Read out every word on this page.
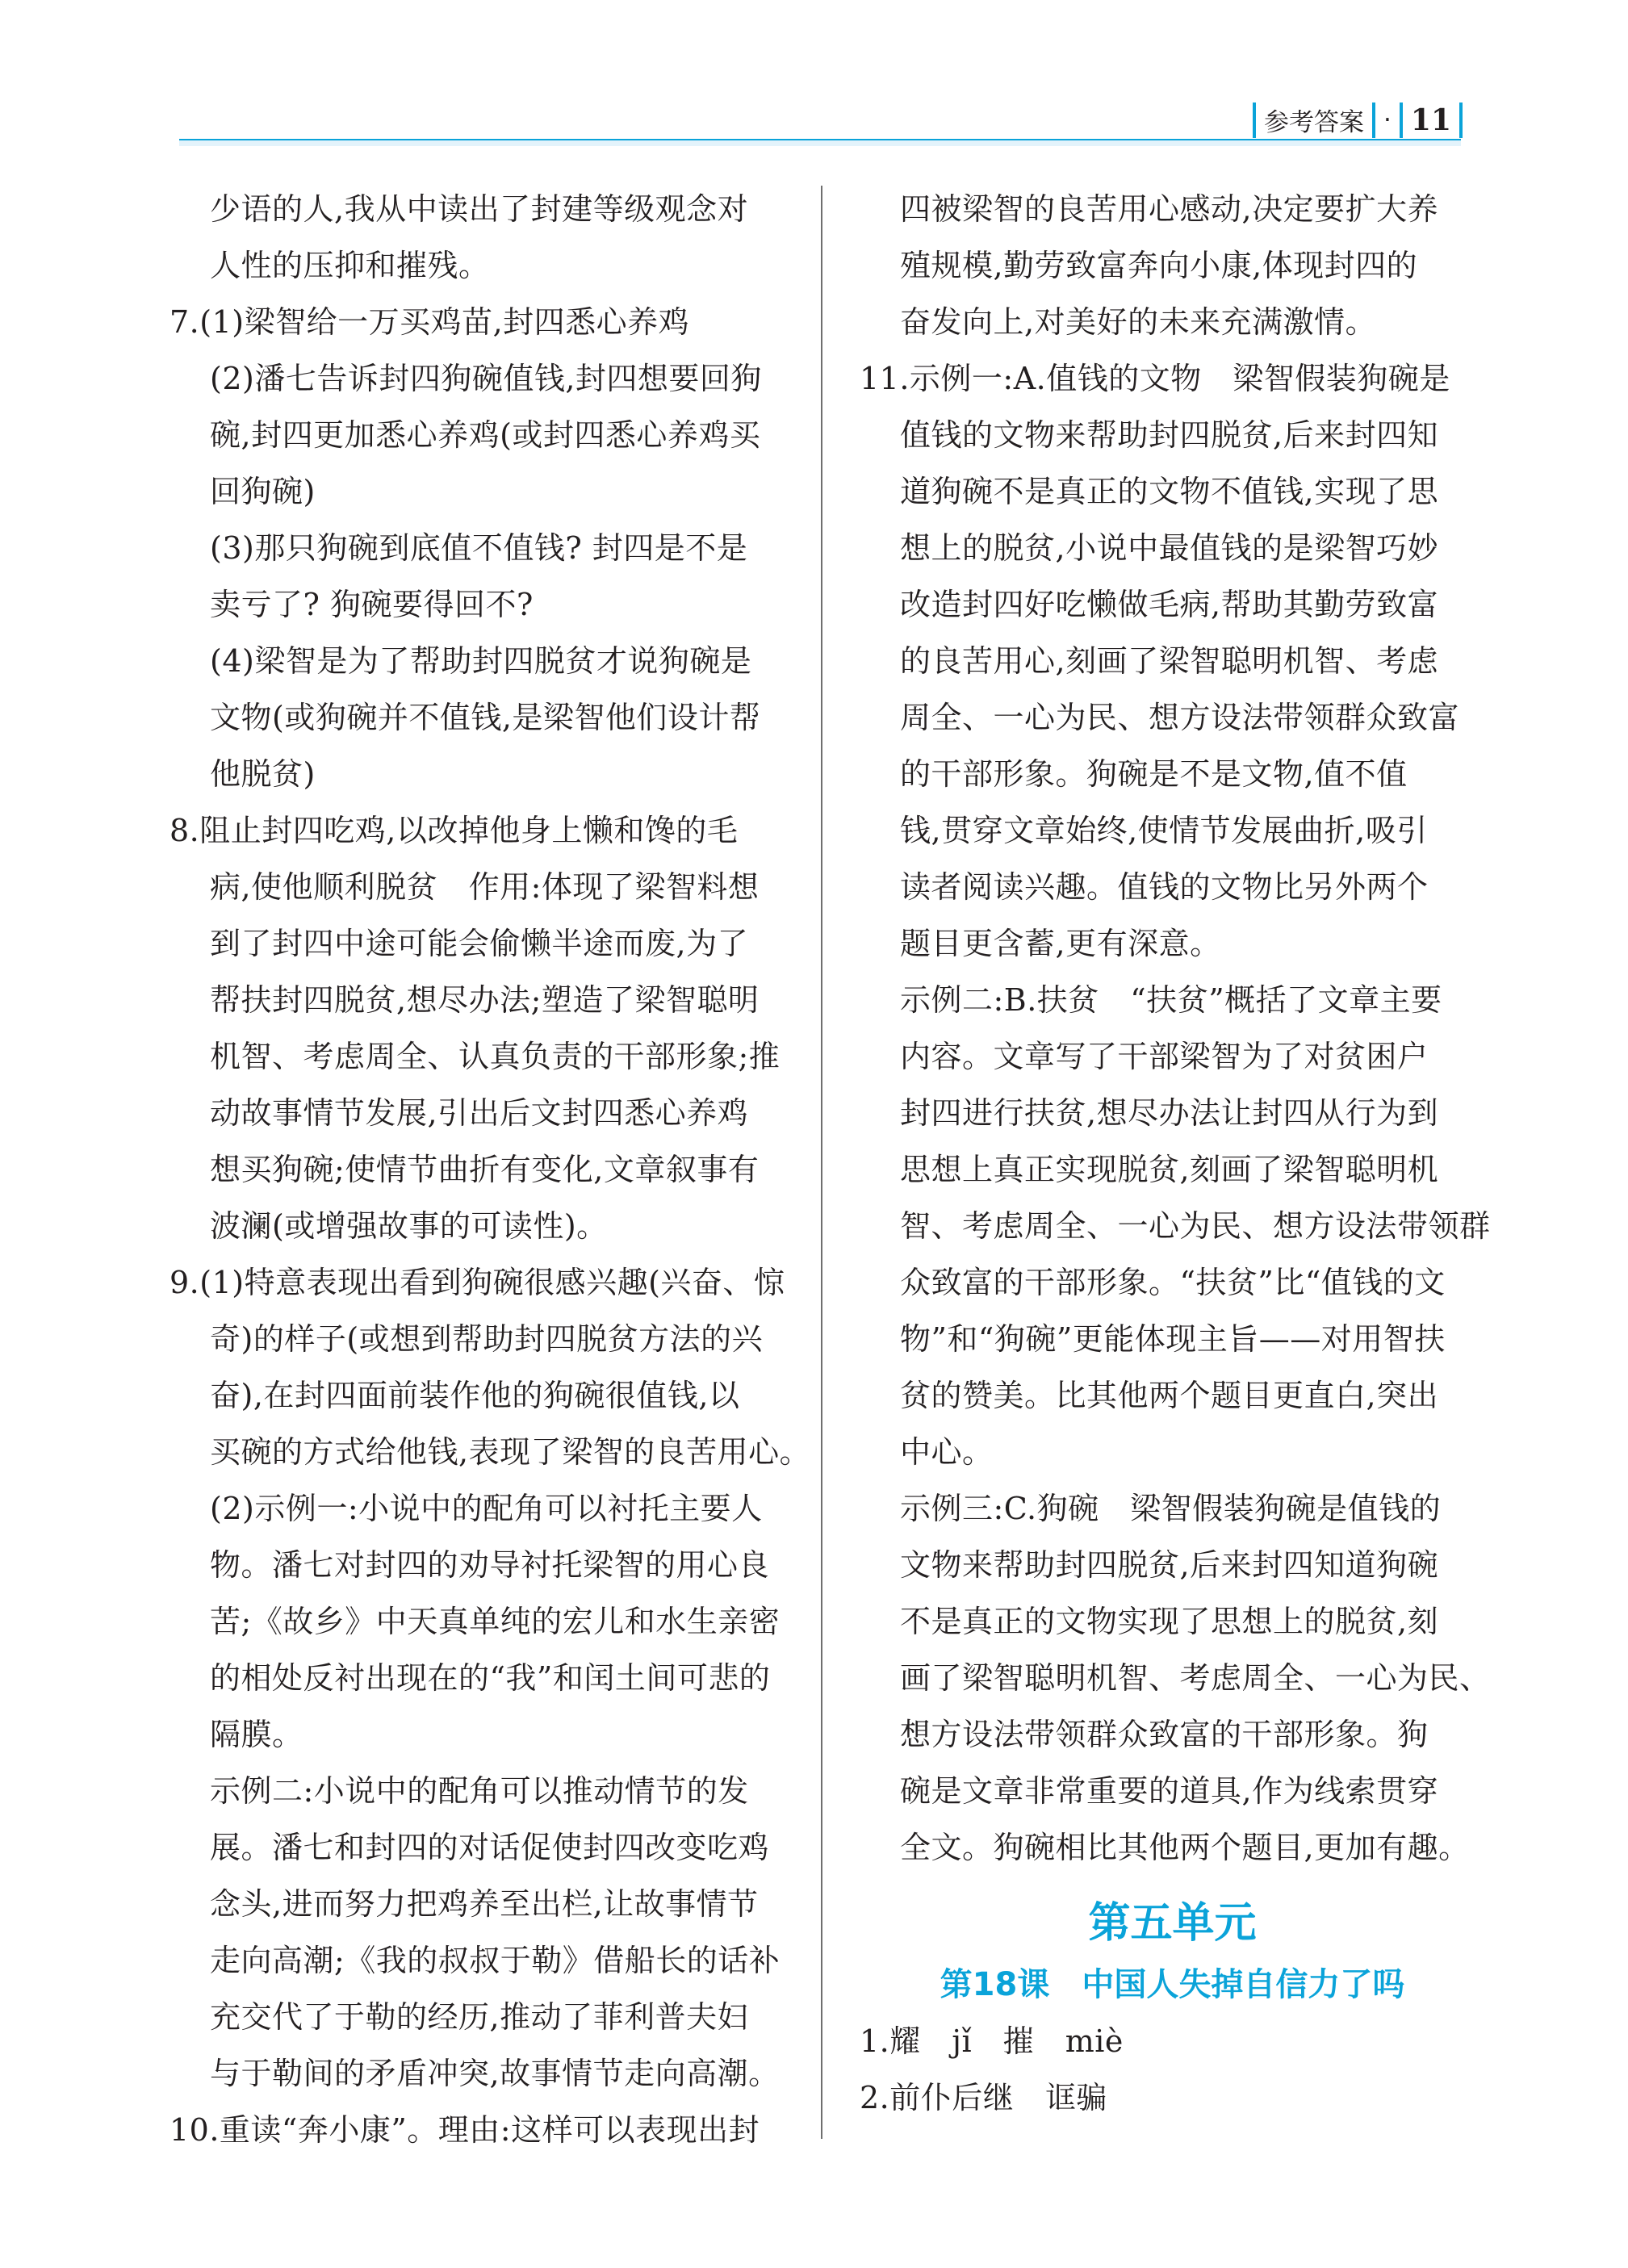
参考答案 · 11
少语的人,我从中读出了封建等级观念对
人性的压抑和摧残。
7.(1)梁智给一万买鸡苗,封四悉心养鸡
(2)潘七告诉封四狗碗值钱,封四想要回狗
碗,封四更加悉心养鸡(或封四悉心养鸡买
回狗碗)
(3)那只狗碗到底值不值钱? 封四是不是
卖亏了? 狗碗要得回不?
(4)梁智是为了帮助封四脱贫才说狗碗是
文物(或狗碗并不值钱,是梁智他们设计帮
他脱贫)
8.阻止封四吃鸡,以改掉他身上懒和馋的毛
病,使他顺利脱贫　作用:体现了梁智料想
到了封四中途可能会偷懒半途而废,为了
帮扶封四脱贫,想尽办法;塑造了梁智聪明
机智、考虑周全、认真负责的干部形象;推
动故事情节发展,引出后文封四悉心养鸡
想买狗碗;使情节曲折有变化,文章叙事有
波澜(或增强故事的可读性)。
9.(1)特意表现出看到狗碗很感兴趣(兴奋、惊
奇)的样子(或想到帮助封四脱贫方法的兴
奋),在封四面前装作他的狗碗很值钱,以
买碗的方式给他钱,表现了梁智的良苦用心。
(2)示例一:小说中的配角可以衬托主要人
物。潘七对封四的劝导衬托梁智的用心良
苦;《故乡》中天真单纯的宏儿和水生亲密
的相处反衬出现在的“我”和闰土间可悲的
隔膜。
示例二:小说中的配角可以推动情节的发
展。潘七和封四的对话促使封四改变吃鸡
念头,进而努力把鸡养至出栏,让故事情节
走向高潮;《我的叔叔于勒》借船长的话补
充交代了于勒的经历,推动了菲利普夫妇
与于勒间的矛盾冲突,故事情节走向高潮。
10.重读“奔小康”。理由:这样可以表现出封
四被梁智的良苦用心感动,决定要扩大养
殖规模,勤劳致富奔向小康,体现封四的
奋发向上,对美好的未来充满激情。
11.示例一:A.值钱的文物　梁智假装狗碗是
值钱的文物来帮助封四脱贫,后来封四知
道狗碗不是真正的文物不值钱,实现了思
想上的脱贫,小说中最值钱的是梁智巧妙
改造封四好吃懒做毛病,帮助其勤劳致富
的良苦用心,刻画了梁智聪明机智、考虑
周全、一心为民、想方设法带领群众致富
的干部形象。狗碗是不是文物,值不值
钱,贯穿文章始终,使情节发展曲折,吸引
读者阅读兴趣。值钱的文物比另外两个
题目更含蓄,更有深意。
示例二:B.扶贫　“扶贫”概括了文章主要
内容。文章写了干部梁智为了对贫困户
封四进行扶贫,想尽办法让封四从行为到
思想上真正实现脱贫,刻画了梁智聪明机
智、考虑周全、一心为民、想方设法带领群
众致富的干部形象。“扶贫”比“值钱的文
物”和“狗碗”更能体现主旨——对用智扶
贫的赞美。比其他两个题目更直白,突出
中心。
示例三:C.狗碗　梁智假装狗碗是值钱的
文物来帮助封四脱贫,后来封四知道狗碗
不是真正的文物实现了思想上的脱贫,刻
画了梁智聪明机智、考虑周全、一心为民、
想方设法带领群众致富的干部形象。狗
碗是文章非常重要的道具,作为线索贯穿
全文。狗碗相比其他两个题目,更加有趣。
第五单元
第18课　中国人失掉自信力了吗
1.耀　jǐ　摧　miè
2.前仆后继　诓骗
